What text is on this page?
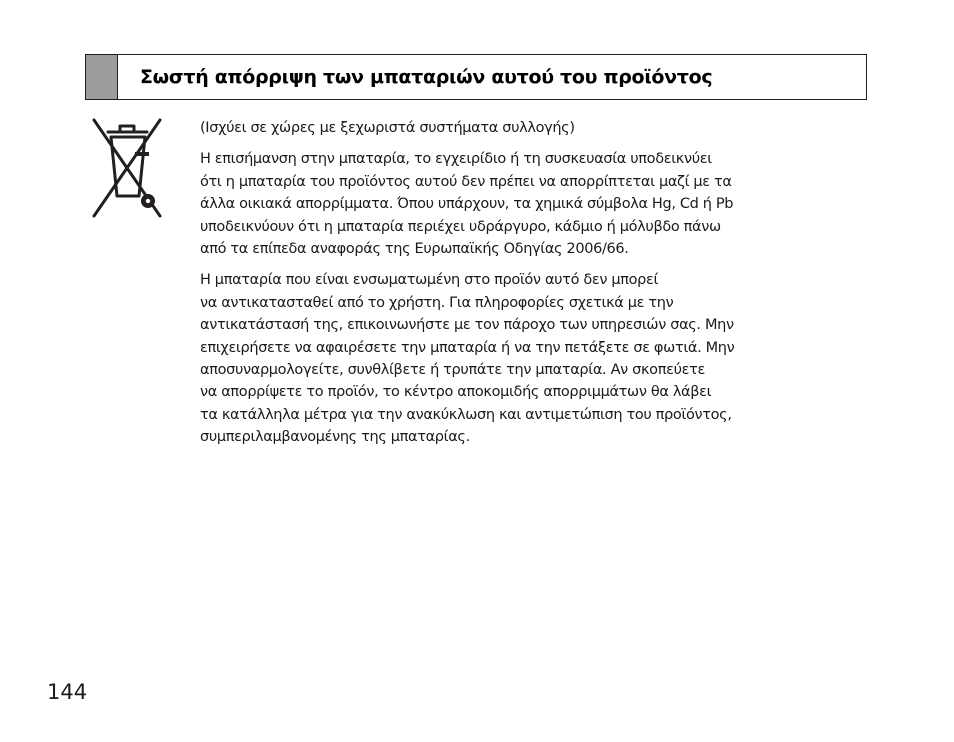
Σωστή απόρριψη των μπαταριών αυτού του προϊόντος

(Ισχύει σε χώρες με ξεχωριστά συστήματα συλλογής)

Η επισήμανση στην μπαταρία, το εγχειρίδιο ή τη συσκευασία υποδεικνύει
ότι η μπαταρία του προϊόντος αυτού δεν πρέπει να απορρίπτεται μαζί με τα
άλλα οικιακά απορρίμματα. Όπου υπάρχουν, τα χημικά σύμβολα Hg, Cd ή Pb
υποδεικνύουν ότι η μπαταρία περιέχει υδράργυρο, κάδμιο ή μόλυβδο πάνω
από τα επίπεδα αναφοράς της Ευρωπαϊκής Οδηγίας 2006/66.

Η μπαταρία που είναι ενσωματωμένη στο προϊόν αυτό δεν μπορεί
να αντικατασταθεί από το χρήστη. Για πληροφορίες σχετικά με την
αντικατάστασή της, επικοινωνήστε με τον πάροχο των υπηρεσιών σας. Μην
επιχειρήσετε να αφαιρέσετε την μπαταρία ή να την πετάξετε σε φωτιά. Μην
αποσυναρμολογείτε, συνθλίβετε ή τρυπάτε την μπαταρία. Αν σκοπεύετε
να απορρίψετε το προϊόν, το κέντρο αποκομιδής απορριμμάτων θα λάβει
τα κατάλληλα μέτρα για την ανακύκλωση και αντιμετώπιση του προϊόντος,
συμπεριλαμβανομένης της μπαταρίας.

144
